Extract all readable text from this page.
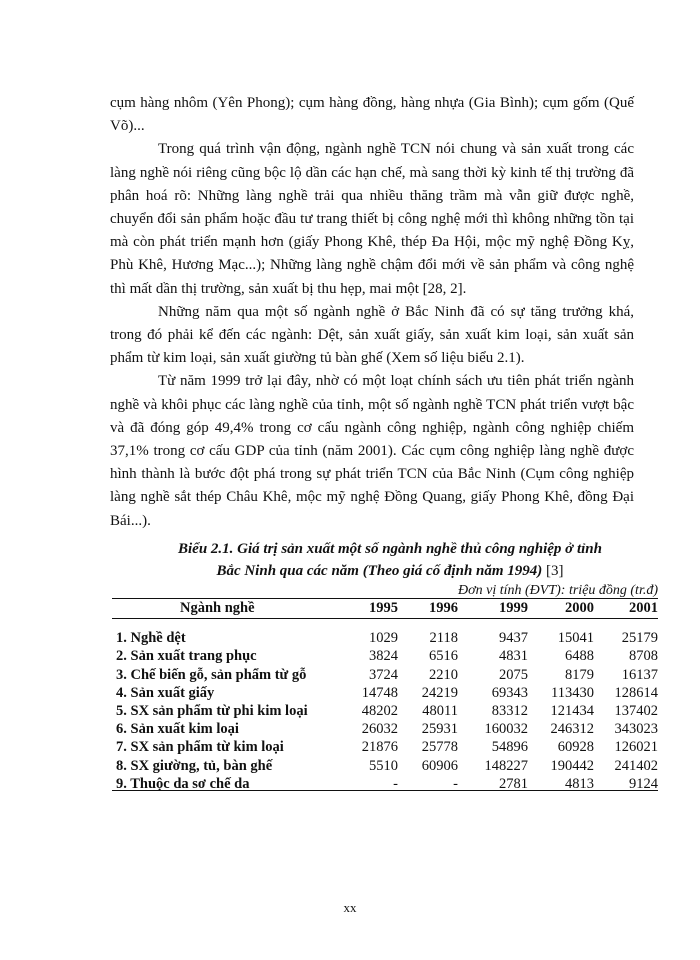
cụm hàng nhôm (Yên Phong); cụm hàng đồng, hàng nhựa (Gia Bình); cụm gốm (Quế Võ)...

Trong quá trình vận động, ngành nghề TCN nói chung và sản xuất trong các làng nghề nói riêng cũng bộc lộ dần các hạn chế, mà sang thời kỳ kinh tế thị trường đã phân hoá rõ: Những làng nghề trải qua nhiều thăng trầm mà vẫn giữ được nghề, chuyển đổi sản phẩm hoặc đầu tư trang thiết bị công nghệ mới thì không những tồn tại mà còn phát triển mạnh hơn (giấy Phong Khê, thép Đa Hội, mộc mỹ nghệ Đồng Kỵ, Phù Khê, Hương Mạc...); Những làng nghề chậm đổi mới về sản phẩm và công nghệ thì mất dần thị trường, sản xuất bị thu hẹp, mai một [28, 2].

Những năm qua một số ngành nghề ở Bắc Ninh đã có sự tăng trưởng khá, trong đó phải kể đến các ngành: Dệt, sản xuất giấy, sản xuất kim loại, sản xuất sản phẩm từ kim loại, sản xuất giường tủ bàn ghế (Xem số liệu biểu 2.1).

Từ năm 1999 trở lại đây, nhờ có một loạt chính sách ưu tiên phát triển ngành nghề và khôi phục các làng nghề của tỉnh, một số ngành nghề TCN phát triển vượt bậc và đã đóng góp 49,4% trong cơ cấu ngành công nghiệp, ngành công nghiệp chiếm 37,1% trong cơ cấu GDP của tỉnh (năm 2001). Các cụm công nghiệp làng nghề được hình thành là bước đột phá trong sự phát triển TCN của Bắc Ninh (Cụm công nghiệp làng nghề sắt thép Châu Khê, mộc mỹ nghệ Đồng Quang, giấy Phong Khê, đồng Đại Bái...).

Biểu 2.1. Giá trị sản xuất một số ngành nghề thủ công nghiệp ở tỉnh
Bắc Ninh qua các năm (Theo giá cố định năm 1994) [3]
Đơn vị tính (ĐVT): triệu đồng (tr.đ)
Ngành nghề	1995	1996	1999	2000	2001

1. Nghề dệt	1029	2118	9437	15041	25179
2. Sản xuất trang phục	3824	6516	4831	6488	8708
3. Chế biến gỗ, sản phẩm từ gỗ	3724	2210	2075	8179	16137
4. Sản xuất giấy	14748	24219	69343	113430	128614
5. SX sản phẩm từ phi kim loại	48202	48011	83312	121434	137402
6. Sản xuất kim loại	26032	25931	160032	246312	343023
7. SX sản phẩm từ kim loại	21876	25778	54896	60928	126021
8. SX giường, tủ, bàn ghế	5510	60906	148227	190442	241402
9. Thuộc da sơ chế da	-	-	2781	4813	9124
xx
